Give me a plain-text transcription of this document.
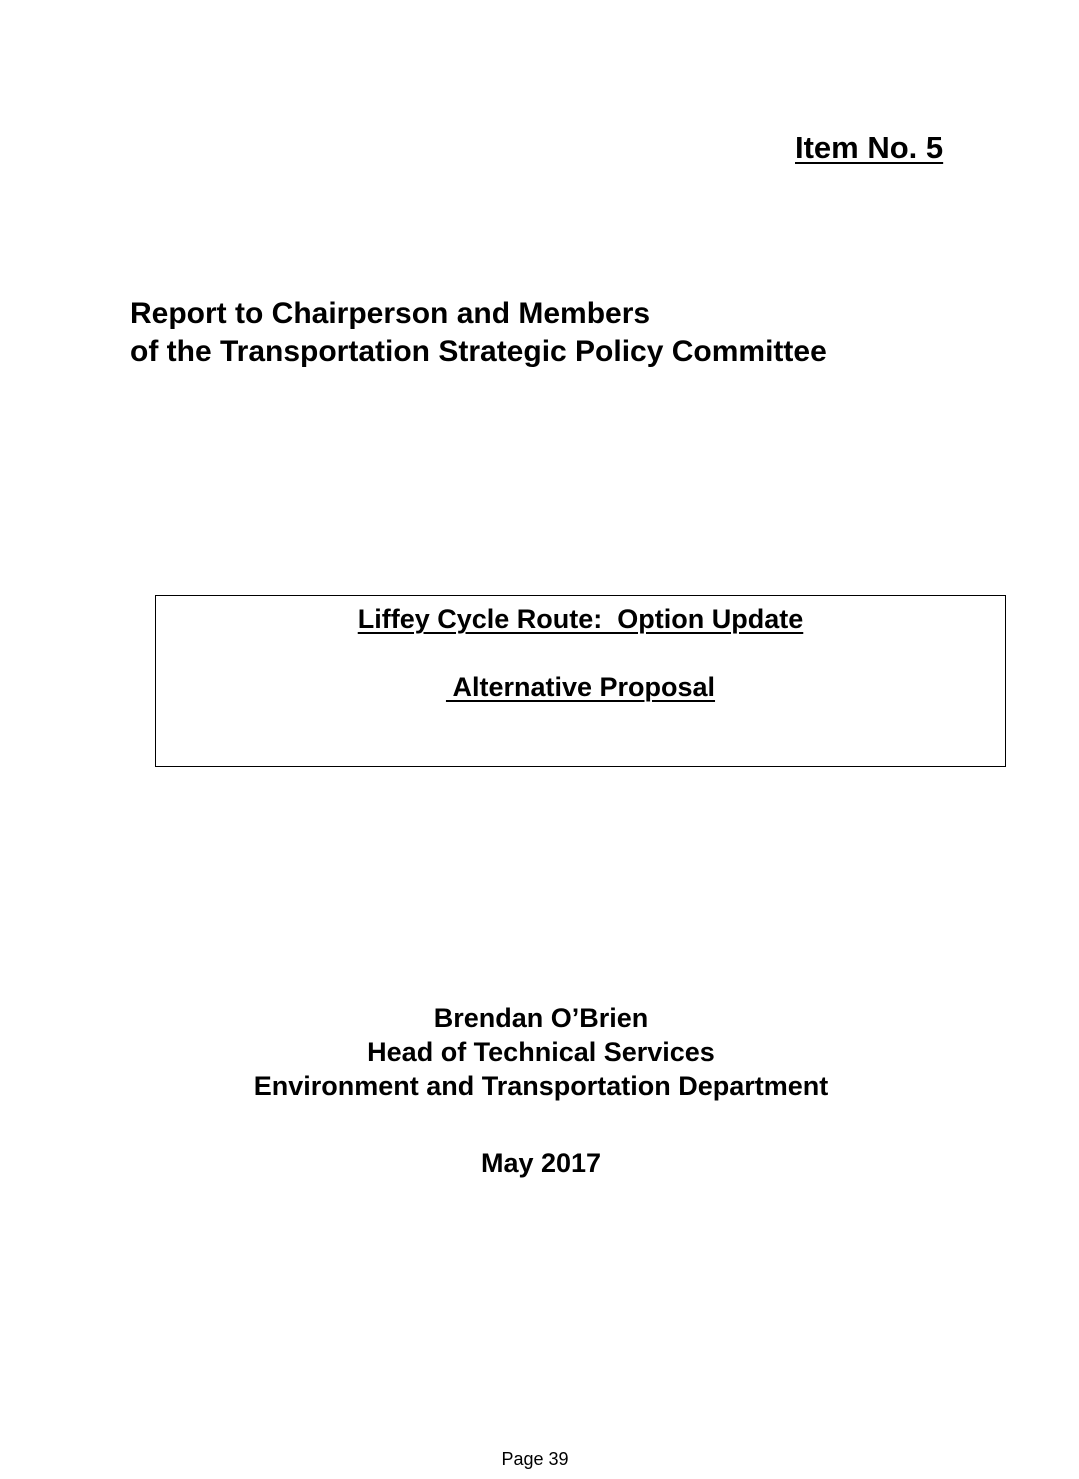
Item No. 5
Report to Chairperson and Members
of the Transportation Strategic Policy Committee
Liffey Cycle Route:  Option Update
Alternative Proposal
Brendan O’Brien
Head of Technical Services
Environment and Transportation Department
May 2017
Page 39
